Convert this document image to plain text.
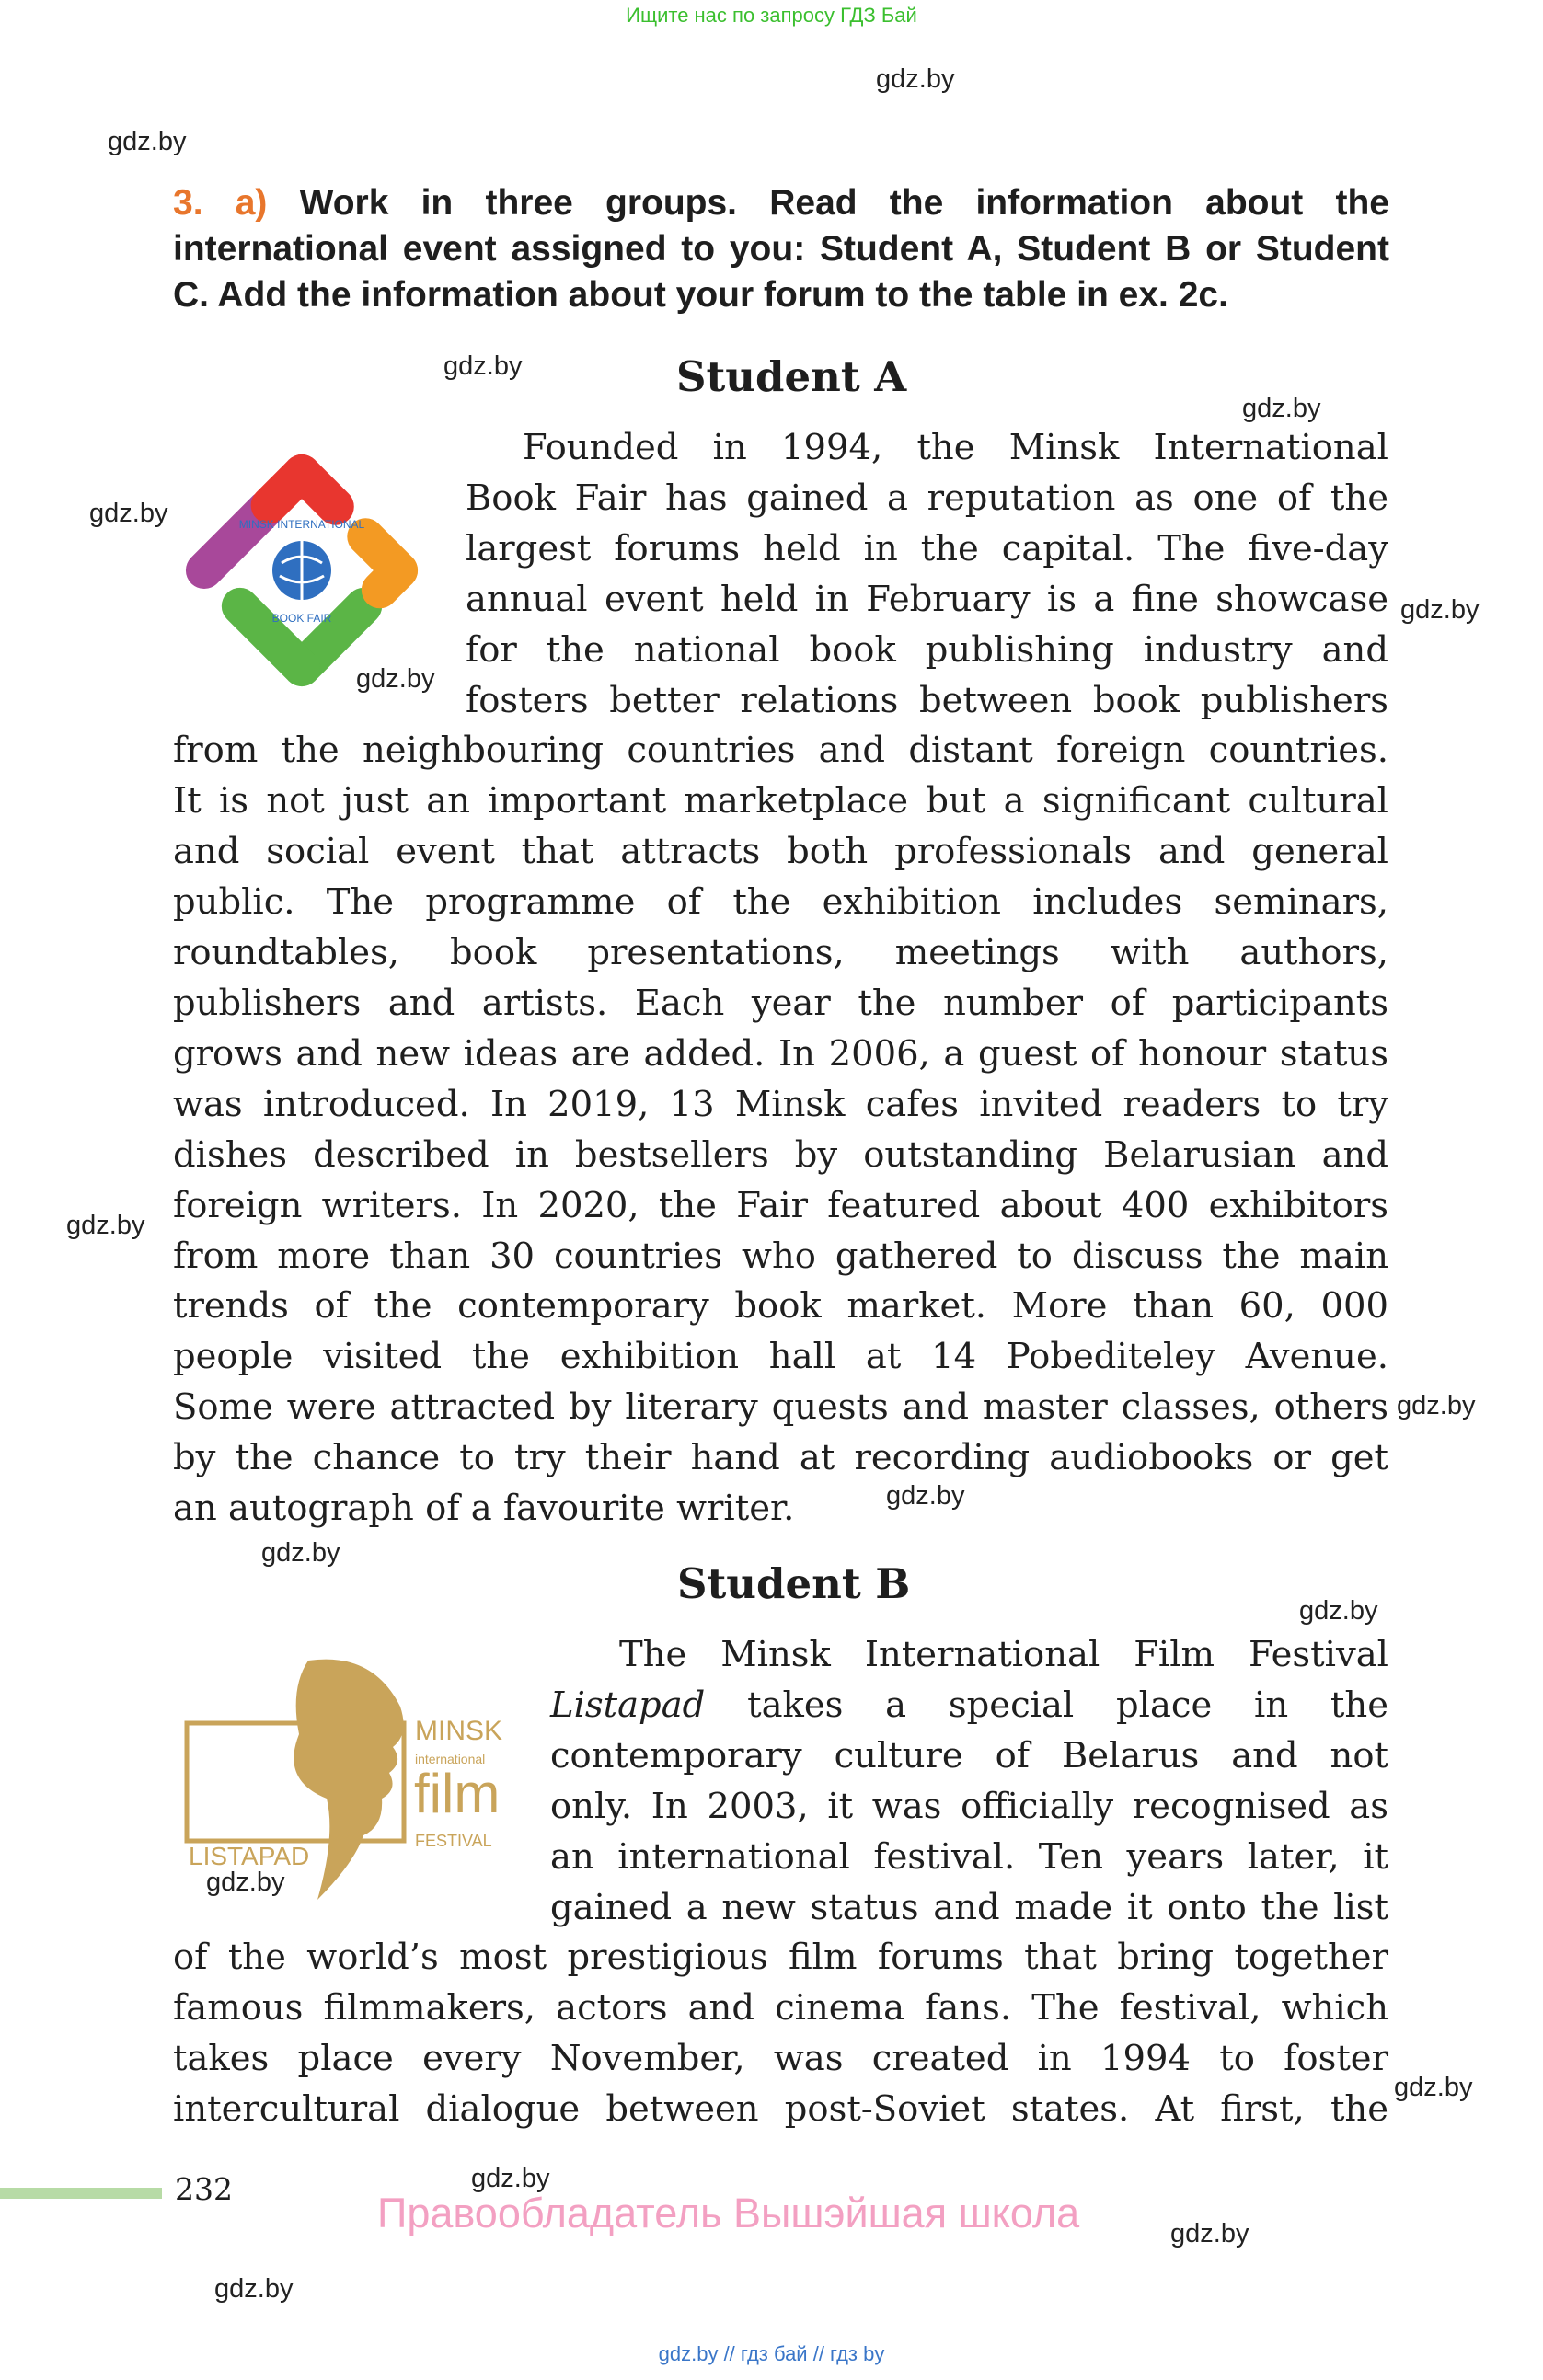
Ищите нас по запросу ГДЗ Бай
gdz.by
gdz.by
gdz.by
gdz.by
gdz.by
gdz.by
gdz.by
gdz.by
gdz.by
gdz.by
gdz.by
gdz.by
gdz.by
gdz.by
gdz.by
gdz.by
gdz.by
3. a) Work in three groups. Read the information about the international event assigned to you: Student A, Student B or Student C. Add the information about your forum to the table in ex. 2c.
Student A
MINSK INTERNATIONAL
BOOK FAIR
Founded in 1994, the Minsk International
Book Fair has gained a reputation as one of the
largest forums held in the capital. The five-day
annual event held in February is a fine showcase
for the national book publishing industry and
fosters better relations between book publishers
from the neighbouring countries and distant foreign countries.
It is not just an important marketplace but a significant cultural
and social event that attracts both professionals and general
public. The programme of the exhibition includes seminars,
roundtables, book presentations, meetings with authors,
publishers and artists. Each year the number of participants
grows and new ideas are added. In 2006, a guest of honour status
was introduced. In 2019, 13 Minsk cafes invited readers to try
dishes described in bestsellers by outstanding Belarusian and
foreign writers. In 2020, the Fair featured about 400 exhibitors
from more than 30 countries who gathered to discuss the main
trends of the contemporary book market. More than 60, 000
people visited the exhibition hall at 14 Pobediteley Avenue.
Some were attracted by literary quests and master classes, others
by the chance to try their hand at recording audiobooks or get
an autograph of a favourite writer.
Student B
MINSK
international
film
FESTIVAL
LISTAPAD
The Minsk International Film Festival
Listapad takes a special place in the
contemporary culture of Belarus and not
only. In 2003, it was officially recognised as
an international festival. Ten years later, it
gained a new status and made it onto the list
of the world’s most prestigious film forums that bring together
famous filmmakers, actors and cinema fans. The festival, which
takes place every November, was created in 1994 to foster
intercultural dialogue between post-Soviet states. At first, the
232
Правообладатель Вышэйшая школа
gdz.by // гдз бай // гдз by
